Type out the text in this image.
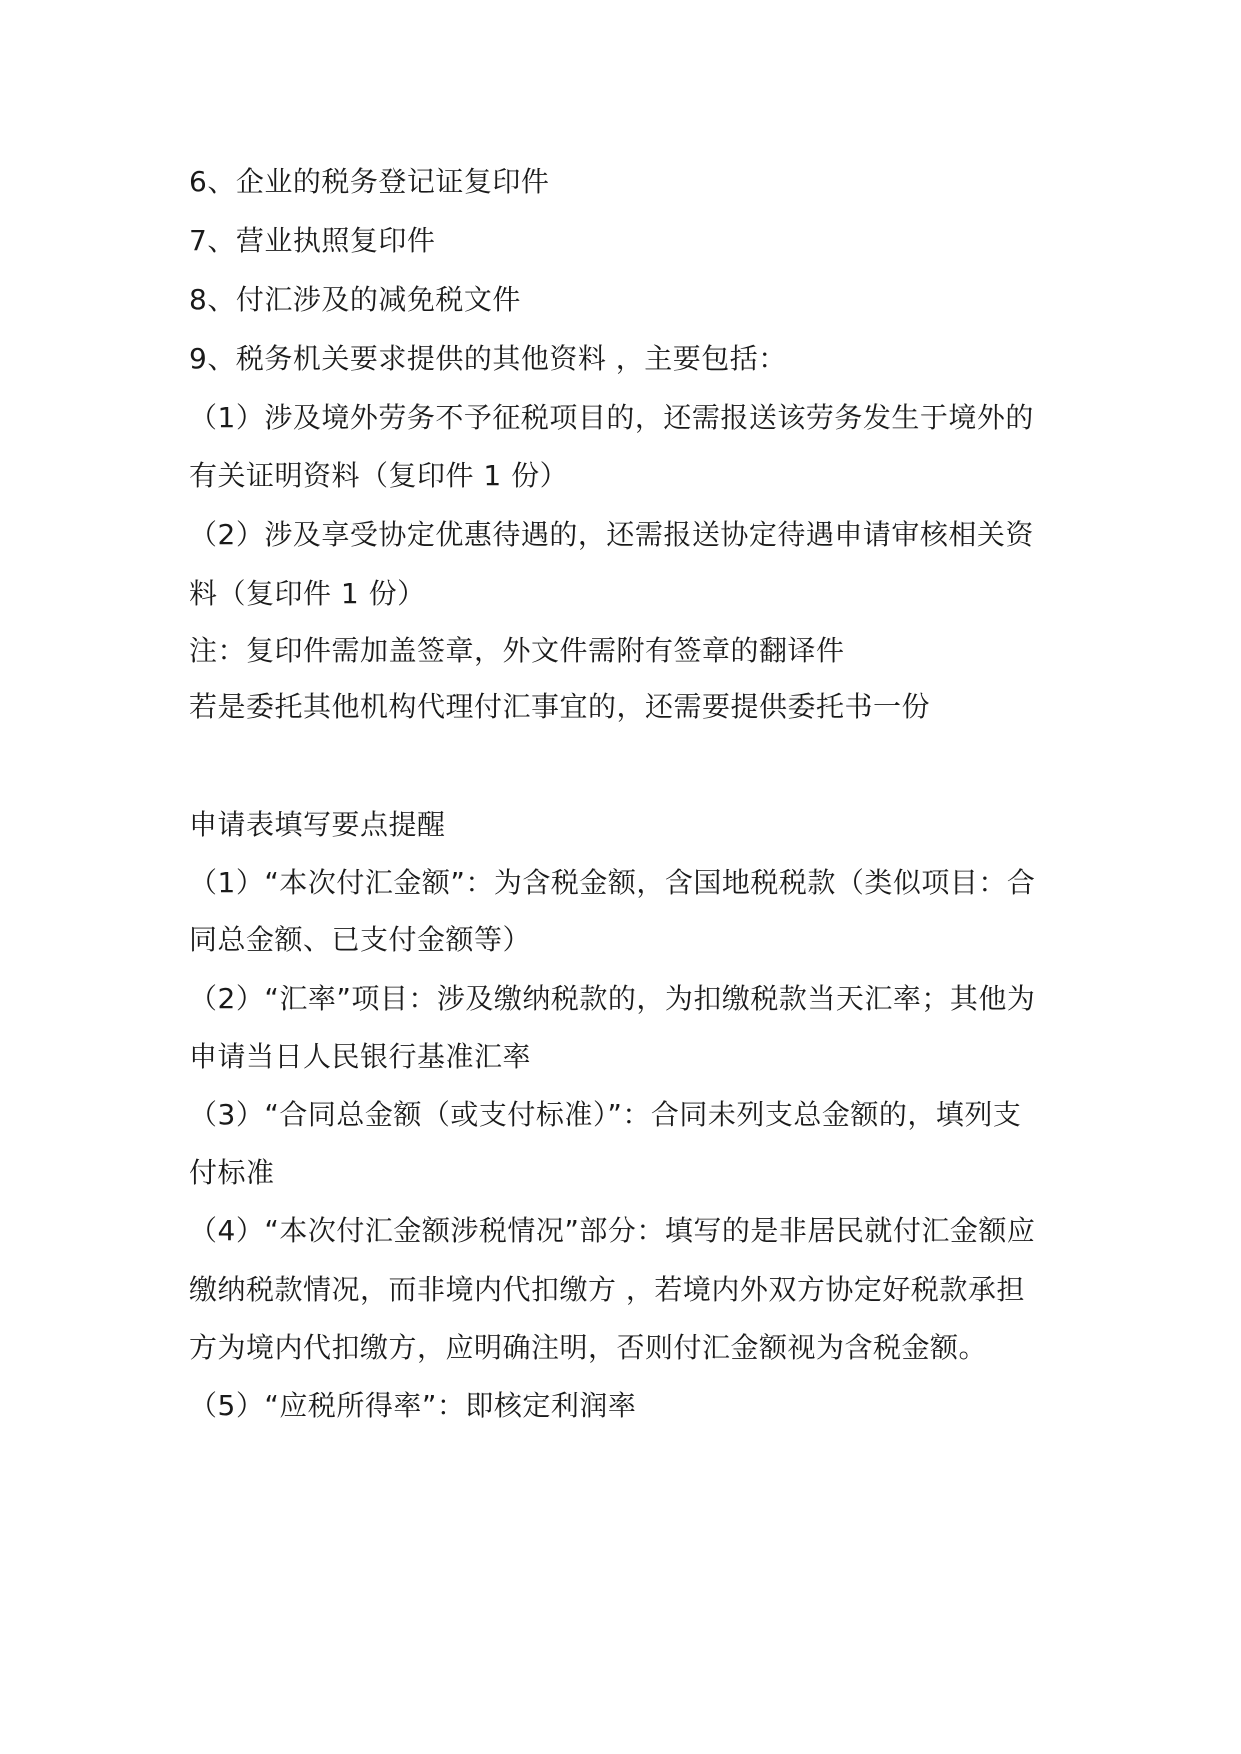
6、企业的税务登记证复印件
7、营业执照复印件
8、付汇涉及的减免税文件
9、税务机关要求提供的其他资料 ，主要包括：
（1）涉及境外劳务不予征税项目的，还需报送该劳务发生于境外的
有关证明资料（复印件 1 份）
（2）涉及享受协定优惠待遇的，还需报送协定待遇申请审核相关资
料（复印件 1 份）
注：复印件需加盖签章，外文件需附有签章的翻译件
若是委托其他机构代理付汇事宜的，还需要提供委托书一份
申请表填写要点提醒
（1）“本次付汇金额”：为含税金额，含国地税税款（类似项目：合
同总金额、已支付金额等）
（2）“汇率”项目：涉及缴纳税款的，为扣缴税款当天汇率；其他为
申请当日人民银行基准汇率
（3）“合同总金额（或支付标准）”：合同未列支总金额的，填列支
付标准
（4）“本次付汇金额涉税情况”部分：填写的是非居民就付汇金额应
缴纳税款情况，而非境内代扣缴方 ，若境内外双方协定好税款承担
方为境内代扣缴方，应明确注明，否则付汇金额视为含税金额。
（5）“应税所得率”：即核定利润率
